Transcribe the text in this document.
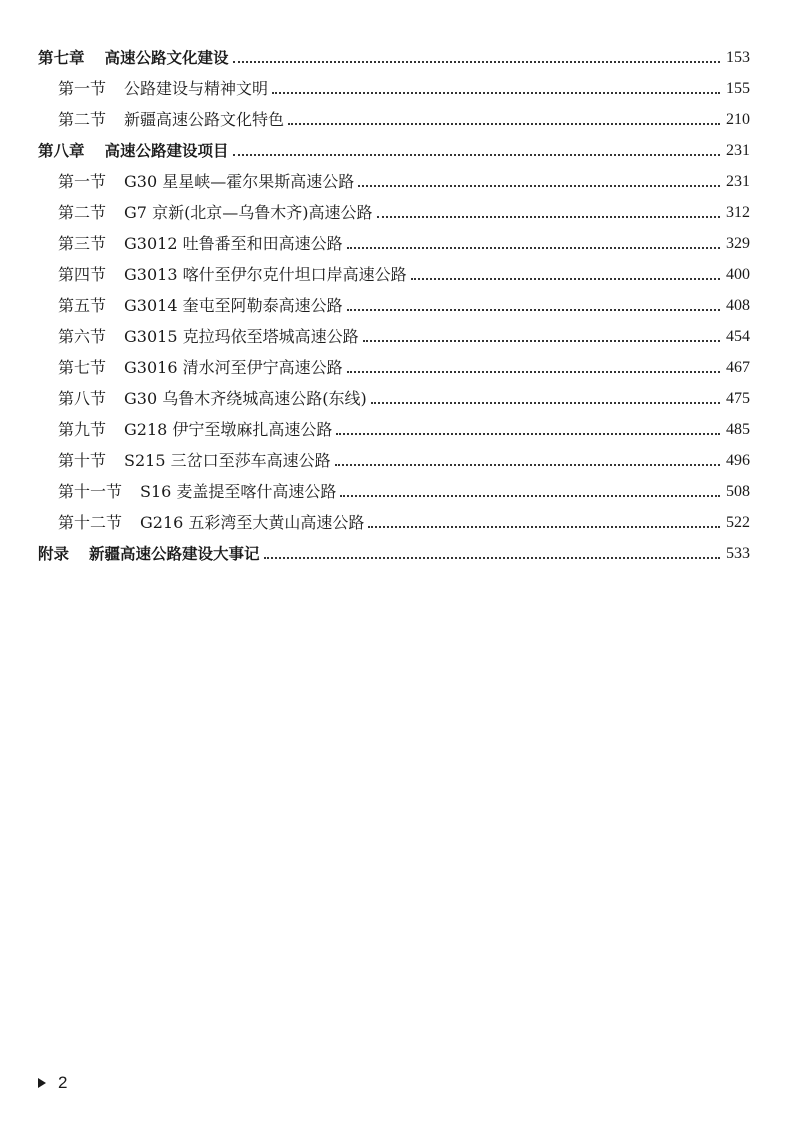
第七章 高速公路文化建设	153
第一节 公路建设与精神文明	155
第二节 新疆高速公路文化特色	210
第八章 高速公路建设项目	231
第一节 G30 星星峡—霍尔果斯高速公路	231
第二节 G7 京新(北京—乌鲁木齐)高速公路	312
第三节 G3012 吐鲁番至和田高速公路	329
第四节 G3013 喀什至伊尔克什坦口岸高速公路	400
第五节 G3014 奎屯至阿勒泰高速公路	408
第六节 G3015 克拉玛依至塔城高速公路	454
第七节 G3016 清水河至伊宁高速公路	467
第八节 G30 乌鲁木齐绕城高速公路(东线)	475
第九节 G218 伊宁至墩麻扎高速公路	485
第十节 S215 三岔口至莎车高速公路	496
第十一节 S16 麦盖提至喀什高速公路	508
第十二节 G216 五彩湾至大黄山高速公路	522
附录 新疆高速公路建设大事记	533
2
